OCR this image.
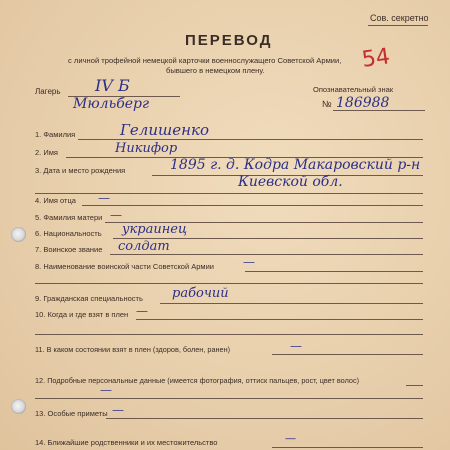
Сов. секретно
54
ПЕРЕВОД
с личной трофейной немецкой карточки военнослужащего Советской Армии,
бывшего в немецком плену.
Лагерь IV Б
Мюльберг
Опознавательный знак
№ 186988
1. Фамилия	Гелишенко
2. Имя	Никифор
3. Дата и место рождения	1895 г. д. Кодра Макаровский р-н
Киевской обл.
4. Имя отца —
5. Фамилия матери —
6. Национальность украинец
7. Воинское звание солдат
8. Наименование воинской части Советской Армии —
9. Гражданская специальность рабочий
10. Когда и где взят в плен —
11. В каком состоянии взят в плен (здоров, болен, ранен)	—
12. Подробные персональные данные (имеется фотография, оттиск пальцев, рост, цвет волос)
—
13. Особые приметы —
14. Ближайшие родственники и их местожительство	—
